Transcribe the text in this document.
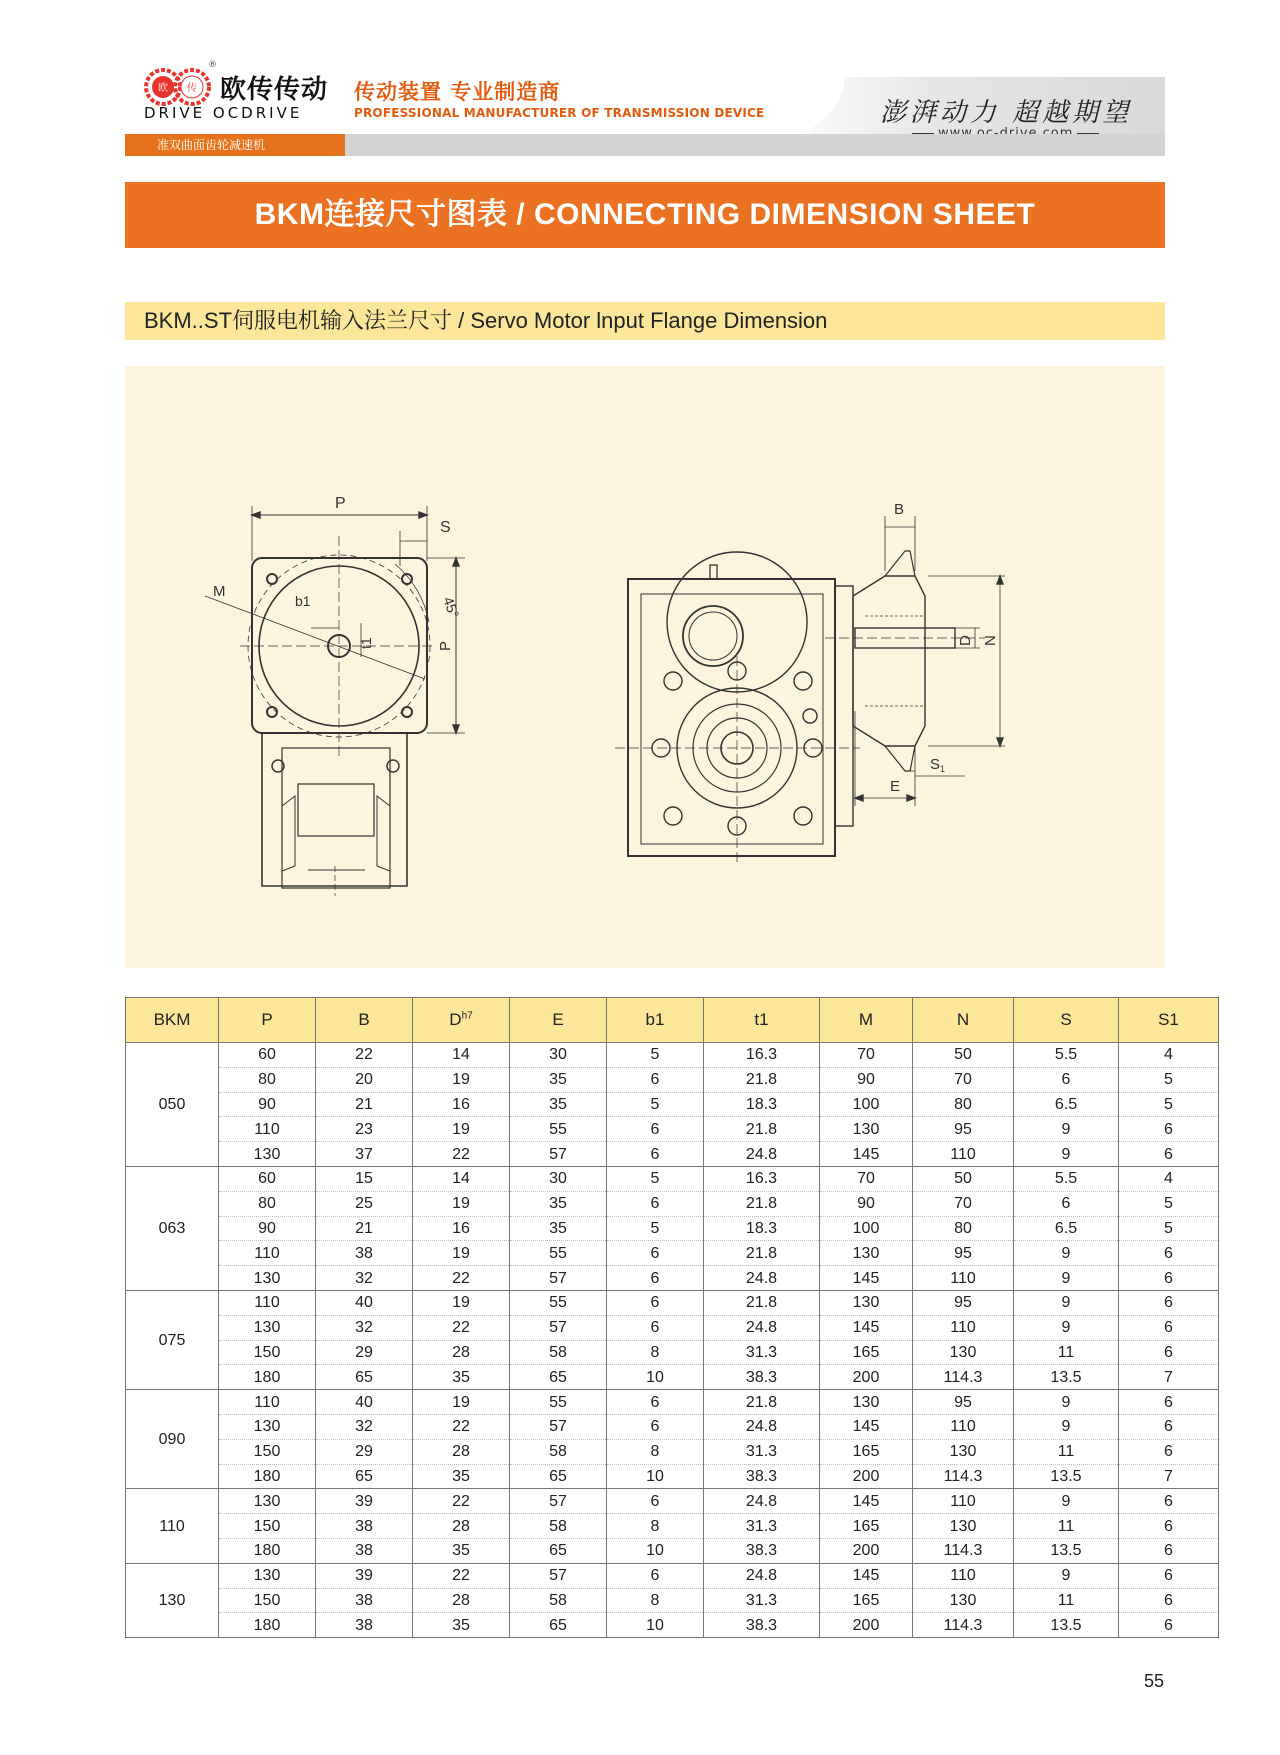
欧 传
®
欧传传动
DRIVE OCDRIVE
传动装置 专业制造商
PROFESSIONAL MANUFACTURER OF TRANSMISSION DEVICE	澎湃动力 超越期望
准双曲面齿轮减速机
BKM连接尺寸图表 / CONNECTING DIMENSION SHEET
BKM..ST伺服电机输入法兰尺寸 / Servo Motor lnput Flange Dimension
P
S
b1
t1
M
45°
P
B
D N
$S_1$
E
BKM	P	B	$D^{h7}$	E	b1	t1	M	N	S	S1
050	60	22	14	30	5	16.3	70	50	5.5	4
	80	20	19	35	6	21.8	90	70	6	5
	90	21	16	35	5	18.3	100	80	6.5	5
	110	23	19	55	6	21.8	130	95	9	6
	130	37	22	57	6	24.8	145	110	9	6
063	60	15	14	30	5	16.3	70	50	5.5	4
	80	25	19	35	6	21.8	90	70	6	5
	90	21	16	35	5	18.3	100	80	6.5	5
	110	38	19	55	6	21.8	130	95	9	6
	130	32	22	57	6	24.8	145	110	9	6
075	110	40	19	55	6	21.8	130	95	9	6
	130	32	22	57	6	24.8	145	110	9	6
	150	29	28	58	8	31.3	165	130	11	6
	180	65	35	65	10	38.3	200	114.3	13.5	7
090	110	40	19	55	6	21.8	130	95	9	6
	130	32	22	57	6	24.8	145	110	9	6
	150	29	28	58	8	31.3	165	130	11	6
	180	65	35	65	10	38.3	200	114.3	13.5	7
110	130	39	22	57	6	24.8	145	110	9	6
	150	38	28	58	8	31.3	165	130	11	6
	180	38	35	65	10	38.3	200	114.3	13.5	6
130	130	39	22	57	6	24.8	145	110	9	6
	150	38	28	58	8	31.3	165	130	11	6
	180	38	35	65	10	38.3	200	114.3	13.5	6
55
